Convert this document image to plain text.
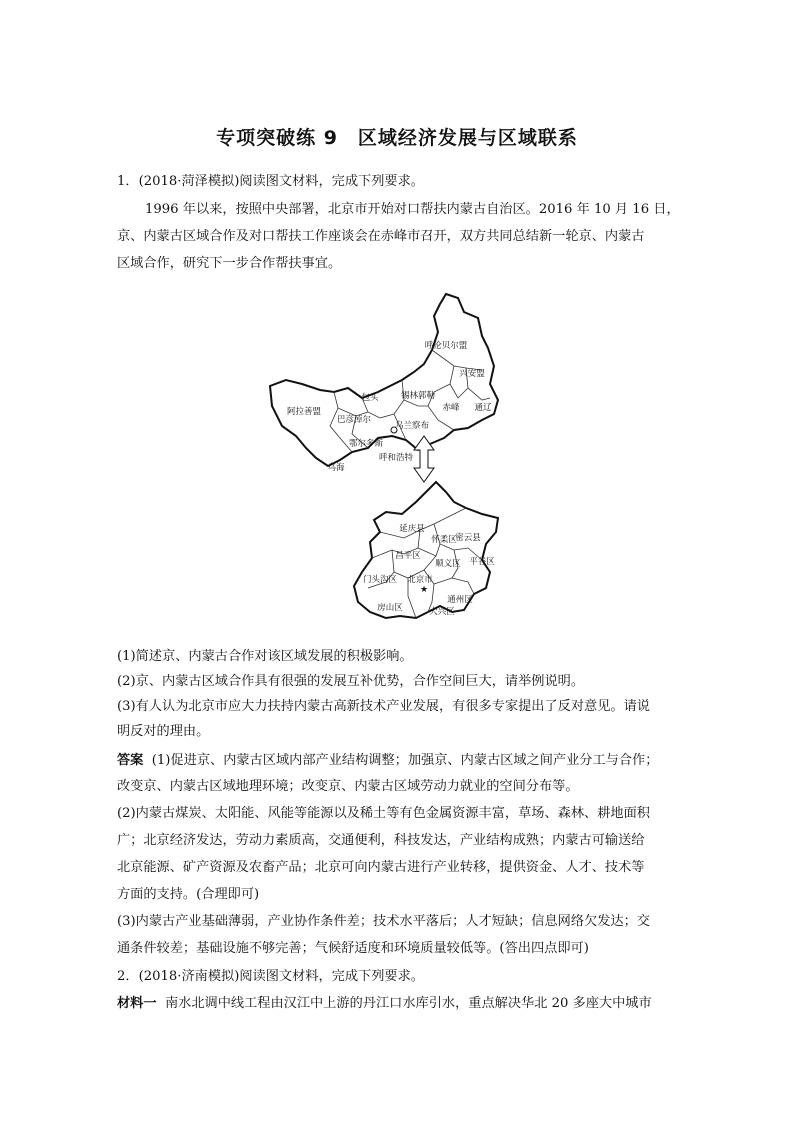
专项突破练 9　区域经济发展与区域联系
1．(2018·菏泽模拟)阅读图文材料，完成下列要求。
1996 年以来，按照中央部署，北京市开始对口帮扶内蒙古自治区。2016 年 10 月 16 日，
京、内蒙古区域合作及对口帮扶工作座谈会在赤峰市召开，双方共同总结新一轮京、内蒙古
区域合作，研究下一步合作帮扶事宜。
呼伦贝尔盟
兴安盟
通辽
赤峰
锡林郭勒
包头
阿拉善盟
巴彦淖尔
乌兰察布
鄂尔多斯
呼和浩特
乌海
延庆县
怀柔区
密云县
昌平区
顺义区 平谷区
门头沟区 北京市
房山区
通州区
大兴区
★
(1)简述京、内蒙古合作对该区域发展的积极影响。
(2)京、内蒙古区域合作具有很强的发展互补优势，合作空间巨大，请举例说明。
(3)有人认为北京市应大力扶持内蒙古高新技术产业发展，有很多专家提出了反对意见。请说
明反对的理由。
答案 (1)促进京、内蒙古区域内部产业结构调整；加强京、内蒙古区域之间产业分工与合作；
改变京、内蒙古区域地理环境；改变京、内蒙古区域劳动力就业的空间分布等。
(2)内蒙古煤炭、太阳能、风能等能源以及稀土等有色金属资源丰富，草场、森林、耕地面积
广；北京经济发达，劳动力素质高，交通便利，科技发达，产业结构成熟；内蒙古可输送给
北京能源、矿产资源及农畜产品；北京可向内蒙古进行产业转移，提供资金、人才、技术等
方面的支持。(合理即可)
(3)内蒙古产业基础薄弱，产业协作条件差；技术水平落后；人才短缺；信息网络欠发达；交
通条件较差；基础设施不够完善；气候舒适度和环境质量较低等。(答出四点即可)
2．(2018·济南模拟)阅读图文材料，完成下列要求。
材料一 南水北调中线工程由汉江中上游的丹江口水库引水，重点解决华北 20 多座大中城市
